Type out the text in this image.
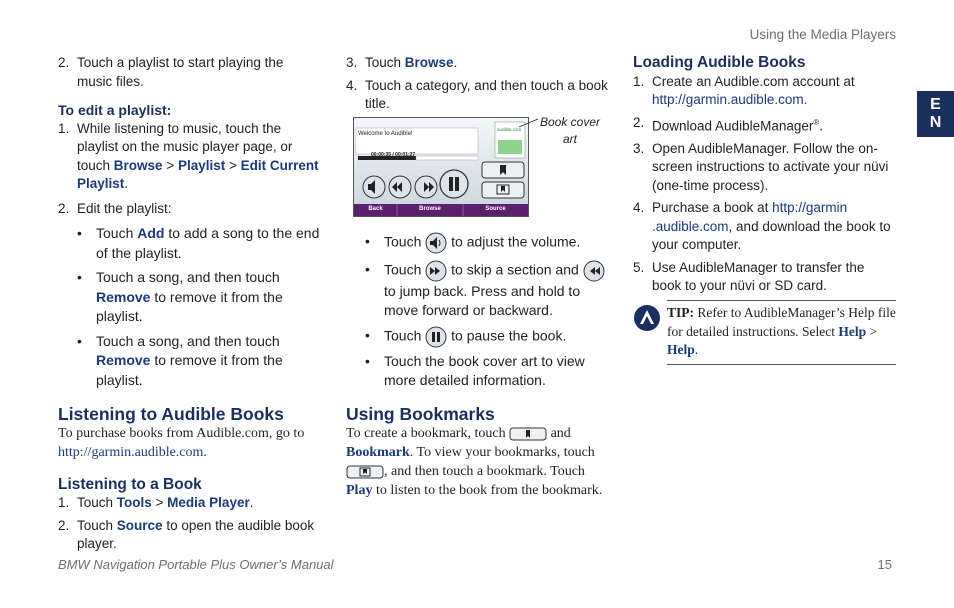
Using the Media Players
E
N
2. Touch a playlist to start playing the music files.
To edit a playlist:
1. While listening to music, touch the playlist on the music player page, or touch Browse > Playlist > Edit Current Playlist.
2. Edit the playlist:
• Touch Add to add a song to the end of the playlist.
• Touch a song, and then touch Remove to remove it from the playlist.
• Touch a song, and then touch Remove to remove it from the playlist.
Listening to Audible Books
To purchase books from Audible.com, go to http://garmin.audible.com.
Listening to a Book
1. Touch Tools > Media Player.
2. Touch Source to open the audible book player.
3. Touch Browse.
4. Touch a category, and then touch a book title.
Welcome to Audible!
00:00:35 / 00:01:27
audible.com
Back	Browse	Source
Book cover art
• Touch  to adjust the volume.
• Touch  to skip a section and  to jump back. Press and hold to move forward or backward.
• Touch  to pause the book.
• Touch the book cover art to view more detailed information.
Using Bookmarks
To create a bookmark, touch	and
Bookmark. To view your bookmarks, touch , and then touch a bookmark. Touch Play to listen to the book from the bookmark.
Loading Audible Books
1. Create an Audible.com account at http://garmin.audible.com.
2. Download AudibleManager®.
3. Open AudibleManager. Follow the on-screen instructions to activate your nüvi (one-time process).
4. Purchase a book at http://garmin .audible.com, and download the book to your computer.
5. Use AudibleManager to transfer the book to your nüvi or SD card.
TIP: Refer to AudibleManager’s Help file for detailed instructions. Select Help > Help.
BMW Navigation Portable Plus Owner’s Manual	15
